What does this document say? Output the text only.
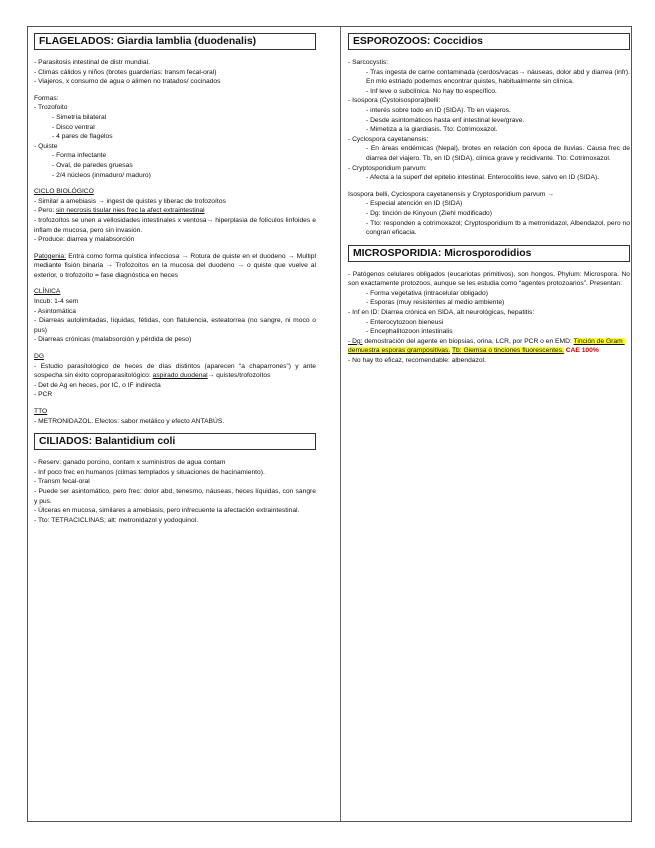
FLAGELADOS: Giardia lamblia (duodenalis)
- Parasitosis intestinal de distr mundial.
- Climas cálidos y niños (brotes guarderías: transm fecal-oral)
- Viajeros, x consumo de agua o alimen no tratados/ cocinados
Formas:
- Trozofoito
- Simetría bilateral
- Disco ventral
- 4 pares de flagelos
- Quiste
- Forma infectante
- Oval, de paredes gruesas
- 2/4 núcleos (inmaduro/ maduro)
CICLO BIOLÓGICO
- Similar a amebiasis → ingest de quistes y liberac de trofozoítos
- Pero: sin necrosis tisular nies frec la afect extraintestinal
- trofozoítos se unen a vellosidades intestinales x ventosa→ hiperplasia de folículos linfoides e inflam de mucosa, pero sin invasión.
- Produce: diarrea y malabsorción
Patogenia: Entra como forma quística infecciosa → Rotura de quiste en el duodeno → Multipl mediante fisión binaria → Trofozoítos en la mucosa del duodeno → o quiste que vuelve al exterior, o trofozoíto = fase diagnóstica en heces
CLÍNICA
Incub: 1-4 sem
- Asintomática
- Diarreas autolimitadas, líquidas, fétidas, con flatulencia, esteatorrea (no sangre, ni moco o pus)
- Diarreas crónicas (malabsorción y pérdida de peso)
DG
- Estudio parasitológico de heces de días distintos (aparecen “a chaparrones”) y ante sospecha sin éxito coproparasitológico: aspirado duodenal→ quistes/trofozoítos
- Det de Ag en heces, por IC, o IF indirecta
- PCR
TTO
- METRONIDAZOL. Efectos: sabor metálico y efecto ANTABÚS.
CILIADOS: Balantidium coli
- Reserv: ganado porcino, contam x suministros de agua contam
- Inf poco frec en humanos (climas templados y situaciones de hacinamiento).
- Transm fecal-oral
- Puede ser asintomático, pero frec: dolor abd, tenesmo, náuseas, heces líquidas, con sangre y pus.
- Úlceras en mucosa, similares a amebiasis, pero infrecuente la afectación extraintestinal.
- Tto: TETRACICLINAS; alt: metronidazol y yodoquinol.
ESPOROZOOS: Coccidios
- Sarcocystis:
- Tras ingesta de carne contaminada (cerdos/vacas→ náuseas, dolor abd y diarrea (infr). En mlo estriado podemos encontrar quistes, habitualmente sin clínica.
- Inf leve o subclínica. No hay tto específico.
- Isospora (Cystoisospora)belli:
- interés sobre todo en ID (SIDA). Tb en viajeros.
- Desde asintomáticos hasta enf intestinal leve/grave.
- Mimetiza a la giardiasis. Tto: Cotrimoxazol.
- Cyclospora cayetanensis:
- En áreas endémicas (Nepal), brotes en relación con época de lluvias. Causa frec de diarrea del viajero. Tb, en ID (SIDA), clínica grave y recidivante. Tto: Cotrimoxazol.
- Cryptosporidium parvum:
- Afecta a la superf del epitelio intestinal. Enterocolitis leve, salvo en ID (SIDA).
Isospora belli, Cyclospora cayetanensis y Cryptosporidium parvum →
- Especial atención en ID (SIDA)
- Dg: tinción de Kinyoun (Ziehl modificado)
- Tto: responden a cotrimoxazol; Cryptosporidium tb a metronidazol, Albendazol, pero no congran eficacia.
MICROSPORIDIA: Microsporodidios
- Patógenos celulares obligados (eucariotas primitivos), son hongos, Phylum: Microspora. No son exactamente protozoos, aunque se les estudia como “agentes protozoarios”. Presentan:
- Forma vegetativa (intracelular obligado)
- Esporas (muy resistentes al medio ambiente)
- Inf en ID: Diarrea crónica en SIDA, alt neurológicas, hepatitis:
- Enterocytozoon bieneusi
- Encephalitozoon intestinalis
- Dg: demostración del agente en biopsias, orina, LCR, por PCR o en EMD: Tinción de Gram demuestra esporas grampositivas. Tb: Giemsa o tinciones fluorescentes. CAE 100%
- No hay tto eficaz, recomendable: albendazol.
